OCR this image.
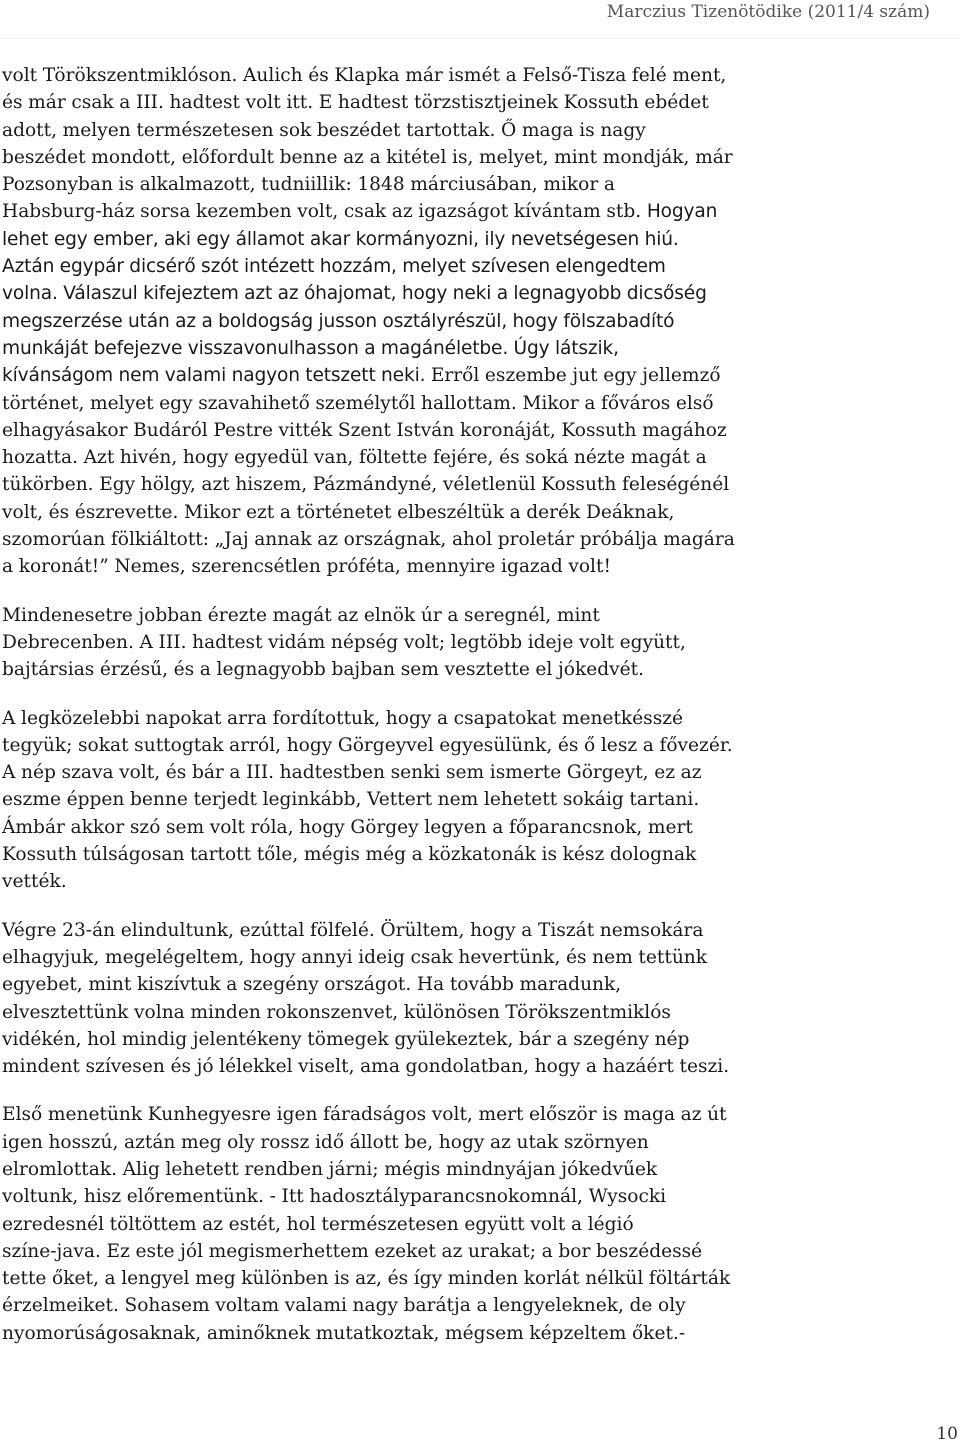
Marczius Tizenötödike (2011/4 szám)

volt Törökszentmiklóson. Aulich és Klapka már ismét a Felső-Tisza felé ment,
és már csak a III. hadtest volt itt. E hadtest törzstisztjeinek Kossuth ebédet
adott, melyen természetesen sok beszédet tartottak. Ő maga is nagy
beszédet mondott, előfordult benne az a kitétel is, melyet, mint mondják, már
Pozsonyban is alkalmazott, tudniillik: 1848 márciusában, mikor a
Habsburg-ház sorsa kezemben volt, csak az igazságot kívántam stb. Hogyan
lehet egy ember, aki egy államot akar kormányozni, ily nevetségesen hiú.
Aztán egypár dicsérő szót intézett hozzám, melyet szívesen elengedtem
volna. Válaszul kifejeztem azt az óhajomat, hogy neki a legnagyobb dicsőség
megszerzése után az a boldogság jusson osztályrészül, hogy fölszabadító
munkáját befejezve visszavonulhasson a magánéletbe. Úgy látszik,
kívánságom nem valami nagyon tetszett neki. Erről eszembe jut egy jellemző
történet, melyet egy szavahihető személytől hallottam. Mikor a főváros első
elhagyásakor Budáról Pestre vitték Szent István koronáját, Kossuth magához
hozatta. Azt hivén, hogy egyedül van, föltette fejére, és soká nézte magát a
tükörben. Egy hölgy, azt hiszem, Pázmándyné, véletlenül Kossuth feleségénél
volt, és észrevette. Mikor ezt a történetet elbeszéltük a derék Deáknak,
szomorúan fölkiáltott: „Jaj annak az országnak, ahol proletár próbálja magára
a koronát!” Nemes, szerencsétlen próféta, mennyire igazad volt!

Mindenesetre jobban érezte magát az elnök úr a seregnél, mint
Debrecenben. A III. hadtest vidám népség volt; legtöbb ideje volt együtt,
bajtársias érzésű, és a legnagyobb bajban sem vesztette el jókedvét.

A legközelebbi napokat arra fordítottuk, hogy a csapatokat menetkésszé
tegyük; sokat suttogtak arról, hogy Görgeyvel egyesülünk, és ő lesz a fővezér.
A nép szava volt, és bár a III. hadtestben senki sem ismerte Görgeyt, ez az
eszme éppen benne terjedt leginkább, Vettert nem lehetett sokáig tartani.
Ámbár akkor szó sem volt róla, hogy Görgey legyen a főparancsnok, mert
Kossuth túlságosan tartott tőle, mégis még a közkatonák is kész dolognak
vették.

Végre 23-án elindultunk, ezúttal fölfelé. Örültem, hogy a Tiszát nemsokára
elhagyjuk, megelégeltem, hogy annyi ideig csak hevertünk, és nem tettünk
egyebet, mint kiszívtuk a szegény országot. Ha tovább maradunk,
elvesztettünk volna minden rokonszenvet, különösen Törökszentmiklós
vidékén, hol mindig jelentékeny tömegek gyülekeztek, bár a szegény nép
mindent szívesen és jó lélekkel viselt, ama gondolatban, hogy a hazáért teszi.

Első menetünk Kunhegyesre igen fáradságos volt, mert először is maga az út
igen hosszú, aztán meg oly rossz idő állott be, hogy az utak szörnyen
elromlottak. Alig lehetett rendben járni; mégis mindnyájan jókedvűek
voltunk, hisz előrementünk. - Itt hadosztályparancsnokomnál, Wysocki
ezredesnél töltöttem az estét, hol természetesen együtt volt a légió
színe-java. Ez este jól megismerhettem ezeket az urakat; a bor beszédessé
tette őket, a lengyel meg különben is az, és így minden korlát nélkül föltárták
érzelmeiket. Sohasem voltam valami nagy barátja a lengyeleknek, de oly
nyomorúságosaknak, aminőknek mutatkoztak, mégsem képzeltem őket.-

10
